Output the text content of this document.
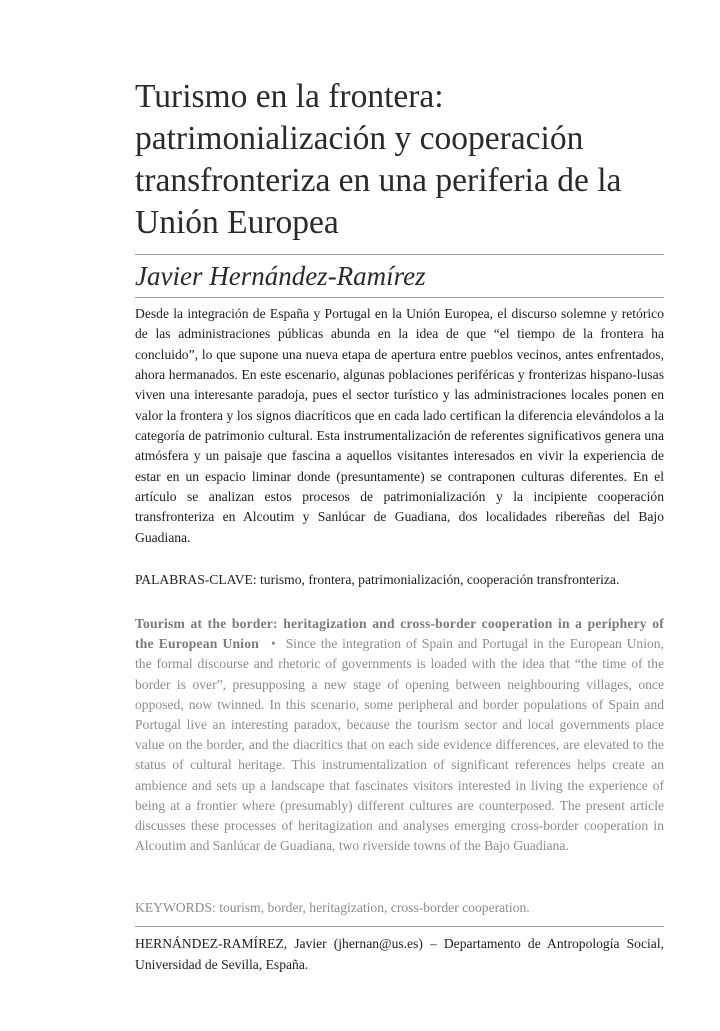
Turismo en la frontera: patrimonialización y cooperación transfronteriza en una periferia de la Unión Europea

Javier Hernández-Ramírez

Desde la integración de España y Portugal en la Unión Europea, el discurso solemne y retórico de las administraciones públicas abunda en la idea de que “el tiempo de la frontera ha concluido”, lo que supone una nueva etapa de apertura entre pueblos vecinos, antes enfrentados, ahora hermanados. En este escenario, algunas poblaciones periféricas y fronterizas hispano-lusas viven una interesante paradoja, pues el sector turístico y las administraciones locales ponen en valor la frontera y los signos diacríticos que en cada lado certifican la diferencia elevándolos a la categoría de patrimonio cultural. Esta instrumentalización de referentes significativos genera una atmósfera y un paisaje que fascina a aquellos visitantes interesados en vivir la experiencia de estar en un espacio liminar donde (presuntamente) se contraponen culturas diferentes. En el artículo se analizan estos procesos de patrimonialización y la incipiente cooperación transfronteriza en Alcoutim y Sanlúcar de Guadiana, dos localidades ribereñas del Bajo Guadiana.

PALABRAS-CLAVE: turismo, frontera, patrimonialización, cooperación transfronteriza.

Tourism at the border: heritagization and cross-border cooperation in a periphery of the European Union • Since the integration of Spain and Portugal in the European Union, the formal discourse and rhetoric of governments is loaded with the idea that “the time of the border is over”, presupposing a new stage of opening between neighbouring villages, once opposed, now twinned. In this scenario, some peripheral and border populations of Spain and Portugal live an interesting paradox, because the tourism sector and local governments place value on the border, and the diacritics that on each side evidence differences, are elevated to the status of cultural heritage. This instrumentalization of significant references helps create an ambience and sets up a landscape that fascinates visitors interested in living the experience of being at a frontier where (presumably) different cultures are counterposed. The present article discusses these processes of heritagization and analyses emerging cross-border cooperation in Alcoutim and Sanlúcar de Guadiana, two riverside towns of the Bajo Guadiana.

KEYWORDS: tourism, border, heritagization, cross-border cooperation.

HERNÁNDEZ-RAMÍREZ, Javier (jhernan@us.es) – Departamento de Antropología Social, Universidad de Sevilla, España.
